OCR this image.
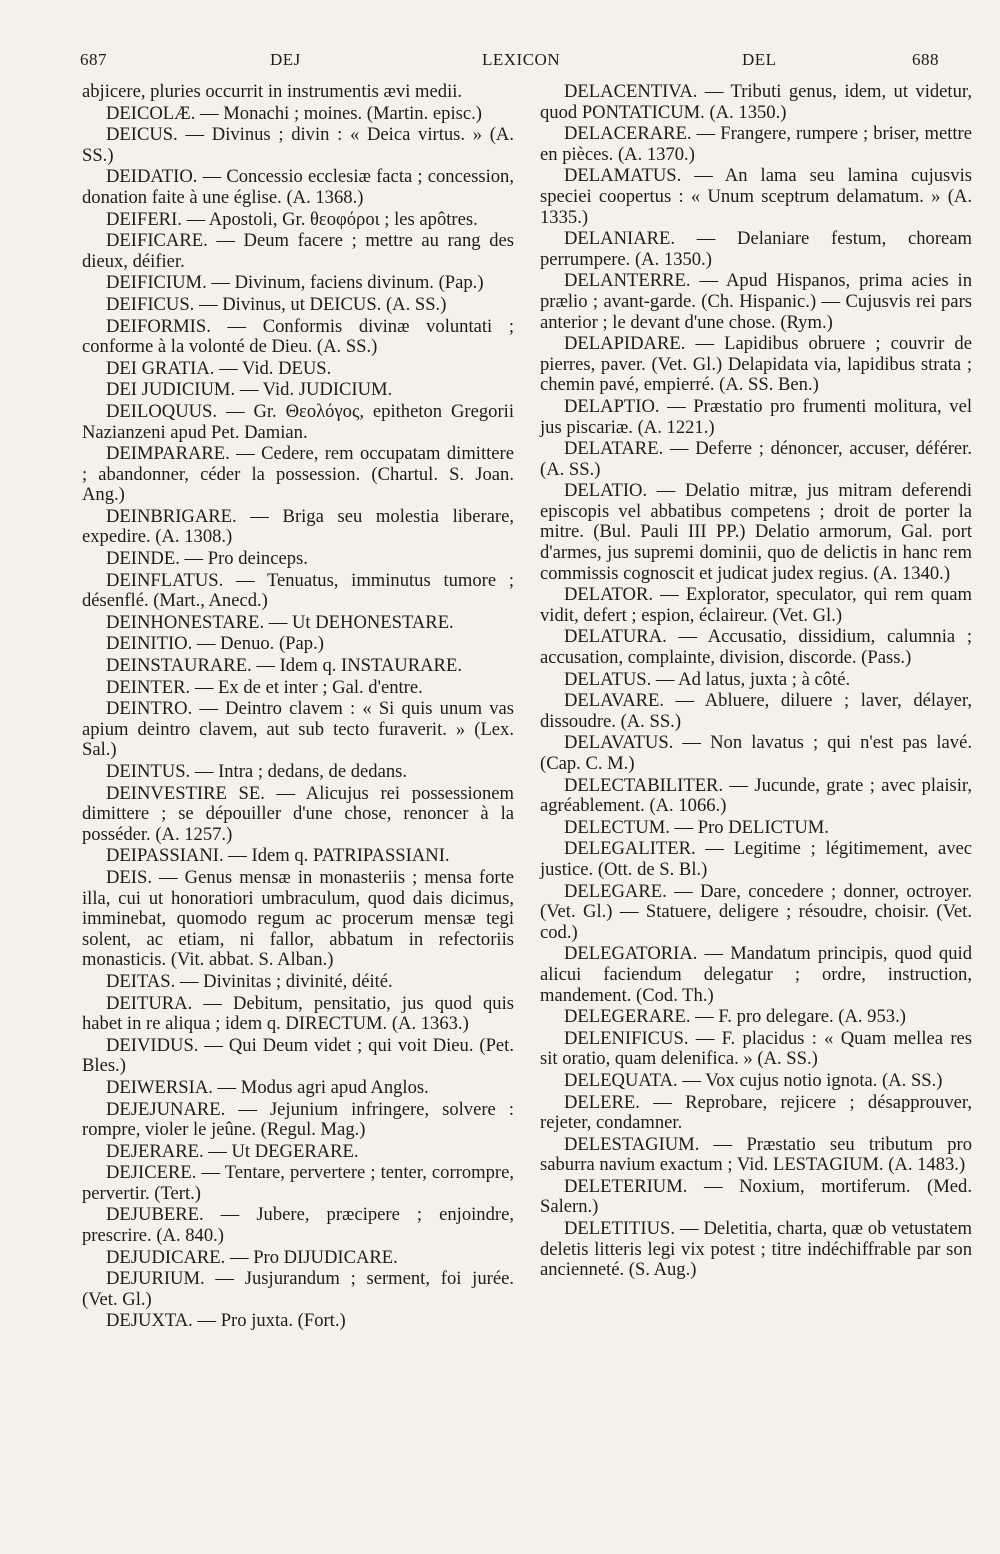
687	DEJ	LEXICON	DEL	688

abjicere, pluries occurrit in instrumentis ævi medii.

DEICOLÆ. — Monachi ; moines. (Martin. episc.)

DEICUS. — Divinus ; divin : « Deica virtus. » (A. SS.)

DEIDATIO. — Concessio ecclesiæ facta ; concession, donation faite à une église. (A. 1368.)

DEIFERI. — Apostoli, Gr. θεοφόροι ; les apôtres.

DEIFICARE. — Deum facere ; mettre au rang des dieux, déifier.

DEIFICIUM. — Divinum, faciens divinum. (Pap.)

DEIFICUS. — Divinus, ut DEICUS. (A. SS.)

DEIFORMIS. — Conformis divinæ voluntati ; conforme à la volonté de Dieu. (A. SS.)

DEI GRATIA. — Vid. DEUS.

DEI JUDICIUM. — Vid. JUDICIUM.

DEILOQUUS. — Gr. Θεολόγος, epitheton Gregorii Nazianzeni apud Pet. Damian.

DEIMPARARE. — Cedere, rem occupatam dimittere ; abandonner, céder la possession. (Chartul. S. Joan. Ang.)

DEINBRIGARE. — Briga seu molestia liberare, expedire. (A. 1308.)

DEINDE. — Pro deinceps.

DEINFLATUS. — Tenuatus, imminutus tumore ; désenflé. (Mart., Anecd.)

DEINHONESTARE. — Ut DEHONESTARE.

DEINITIO. — Denuo. (Pap.)

DEINSTAURARE. — Idem q. INSTAURARE.

DEINTER. — Ex de et inter ; Gal. d'entre.

DEINTRO. — Deintro clavem : « Si quis unum vas apium deintro clavem, aut sub tecto furaverit. » (Lex. Sal.)

DEINTUS. — Intra ; dedans, de dedans.

DEINVESTIRE SE. — Alicujus rei possessionem dimittere ; se dépouiller d'une chose, renoncer à la posséder. (A. 1257.)

DEIPASSIANI. — Idem q. PATRIPASSIANI.

DEIS. — Genus mensæ in monasteriis ; mensa forte illa, cui ut honoratiori umbraculum, quod dais dicimus, imminebat, quomodo regum ac procerum mensæ tegi solent, ac etiam, ni fallor, abbatum in refectoriis monasticis. (Vit. abbat. S. Alban.)

DEITAS. — Divinitas ; divinité, déité.

DEITURA. — Debitum, pensitatio, jus quod quis habet in re aliqua ; idem q. DIRECTUM. (A. 1363.)

DEIVIDUS. — Qui Deum videt ; qui voit Dieu. (Pet. Bles.)

DEIWERSIA. — Modus agri apud Anglos.

DEJEJUNARE. — Jejunium infringere, solvere : rompre, violer le jeûne. (Regul. Mag.)

DEJERARE. — Ut DEGERARE.

DEJICERE. — Tentare, pervertere ; tenter, corrompre, pervertir. (Tert.)

DEJUBERE. — Jubere, præcipere ; enjoindre, prescrire. (A. 840.)

DEJUDICARE. — Pro DIJUDICARE.

DEJURIUM. — Jusjurandum ; serment, foi jurée. (Vet. Gl.)

DEJUXTA. — Pro juxta. (Fort.)

DELACENTIVA. — Tributi genus, idem, ut videtur, quod PONTATICUM. (A. 1350.)

DELACERARE. — Frangere, rumpere ; briser, mettre en pièces. (A. 1370.)

DELAMATUS. — An lama seu lamina cujusvis speciei coopertus : « Unum sceptrum delamatum. » (A. 1335.)

DELANIARE. — Delaniare festum, choream perrumpere. (A. 1350.)

DELANTERRE. — Apud Hispanos, prima acies in prælio ; avant-garde. (Ch. Hispanic.) — Cujusvis rei pars anterior ; le devant d'une chose. (Rym.)

DELAPIDARE. — Lapidibus obruere ; couvrir de pierres, paver. (Vet. Gl.) Delapidata via, lapidibus strata ; chemin pavé, empierré. (A. SS. Ben.)

DELAPTIO. — Præstatio pro frumenti molitura, vel jus piscariæ. (A. 1221.)

DELATARE. — Deferre ; dénoncer, accuser, déférer. (A. SS.)

DELATIO. — Delatio mitræ, jus mitram deferendi episcopis vel abbatibus competens ; droit de porter la mitre. (Bul. Pauli III PP.) Delatio armorum, Gal. port d'armes, jus supremi dominii, quo de delictis in hanc rem commissis cognoscit et judicat judex regius. (A. 1340.)

DELATOR. — Explorator, speculator, qui rem quam vidit, defert ; espion, éclaireur. (Vet. Gl.)

DELATURA. — Accusatio, dissidium, calumnia ; accusation, complainte, division, discorde. (Pass.)

DELATUS. — Ad latus, juxta ; à côté.

DELAVARE. — Abluere, diluere ; laver, délayer, dissoudre. (A. SS.)

DELAVATUS. — Non lavatus ; qui n'est pas lavé. (Cap. C. M.)

DELECTABILITER. — Jucunde, grate ; avec plaisir, agréablement. (A. 1066.)

DELECTUM. — Pro DELICTUM.

DELEGALITER. — Legitime ; légitimement, avec justice. (Ott. de S. Bl.)

DELEGARE. — Dare, concedere ; donner, octroyer.(Vet. Gl.) — Statuere, deligere ; résoudre, choisir. (Vet. cod.)

DELEGATORIA. — Mandatum principis, quod quid alicui faciendum delegatur ; ordre, instruction, mandement. (Cod. Th.)

DELEGERARE. — F. pro delegare. (A. 953.)

DELENIFICUS. — F. placidus : « Quam mellea res sit oratio, quam delenifica. » (A. SS.)

DELEQUATA. — Vox cujus notio ignota. (A. SS.)

DELERE. — Reprobare, rejicere ; désapprouver, rejeter, condamner.

DELESTAGIUM. — Præstatio seu tributum pro saburra navium exactum ; Vid. LESTAGIUM. (A. 1483.)

DELETERIUM. — Noxium, mortiferum. (Med. Salern.)

DELETITIUS. — Deletitia, charta, quæ ob vetustatem deletis litteris legi vix potest ; titre indéchiffrable par son ancienneté. (S. Aug.)
